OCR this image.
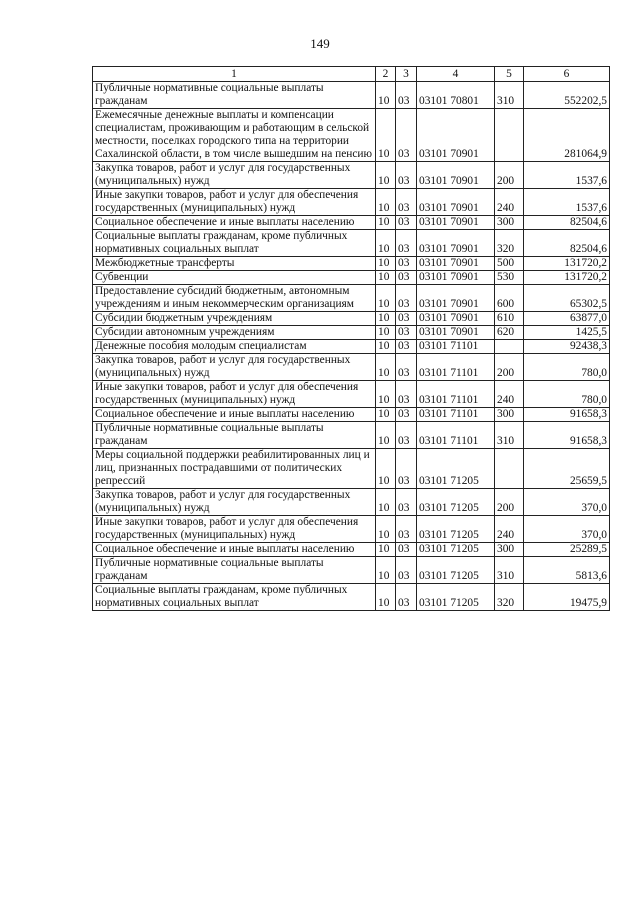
149
1	2	3	4	5	6
Публичные нормативные социальные выплаты гражданам	10	03	03101 70801	310	552202,5
Ежемесячные денежные выплаты и компенсации специалистам, проживающим и работающим в сельской местности, поселках городского типа на территории Сахалинской области, в том числе вышедшим на пенсию	10	03	03101 70901		281064,9
Закупка товаров, работ и услуг для государственных (муниципальных) нужд	10	03	03101 70901	200	1537,6
Иные закупки товаров, работ и услуг для обеспечения государственных (муниципальных) нужд	10	03	03101 70901	240	1537,6
Социальное обеспечение и иные выплаты населению	10	03	03101 70901	300	82504,6
Социальные выплаты гражданам, кроме публичных нормативных социальных выплат	10	03	03101 70901	320	82504,6
Межбюджетные трансферты	10	03	03101 70901	500	131720,2
Субвенции	10	03	03101 70901	530	131720,2
Предоставление субсидий бюджетным, автономным учреждениям и иным некоммерческим организациям	10	03	03101 70901	600	65302,5
Субсидии бюджетным учреждениям	10	03	03101 70901	610	63877,0
Субсидии автономным учреждениям	10	03	03101 70901	620	1425,5
Денежные пособия молодым специалистам	10	03	03101 71101		92438,3
Закупка товаров, работ и услуг для государственных (муниципальных) нужд	10	03	03101 71101	200	780,0
Иные закупки товаров, работ и услуг для обеспечения государственных (муниципальных) нужд	10	03	03101 71101	240	780,0
Социальное обеспечение и иные выплаты населению	10	03	03101 71101	300	91658,3
Публичные нормативные социальные выплаты гражданам	10	03	03101 71101	310	91658,3
Меры социальной поддержки реабилитированных лиц и лиц, признанных пострадавшими от политических репрессий	10	03	03101 71205		25659,5
Закупка товаров, работ и услуг для государственных (муниципальных) нужд	10	03	03101 71205	200	370,0
Иные закупки товаров, работ и услуг для обеспечения государственных (муниципальных) нужд	10	03	03101 71205	240	370,0
Социальное обеспечение и иные выплаты населению	10	03	03101 71205	300	25289,5
Публичные нормативные социальные выплаты гражданам	10	03	03101 71205	310	5813,6
Социальные выплаты гражданам, кроме публичных нормативных социальных выплат	10	03	03101 71205	320	19475,9
